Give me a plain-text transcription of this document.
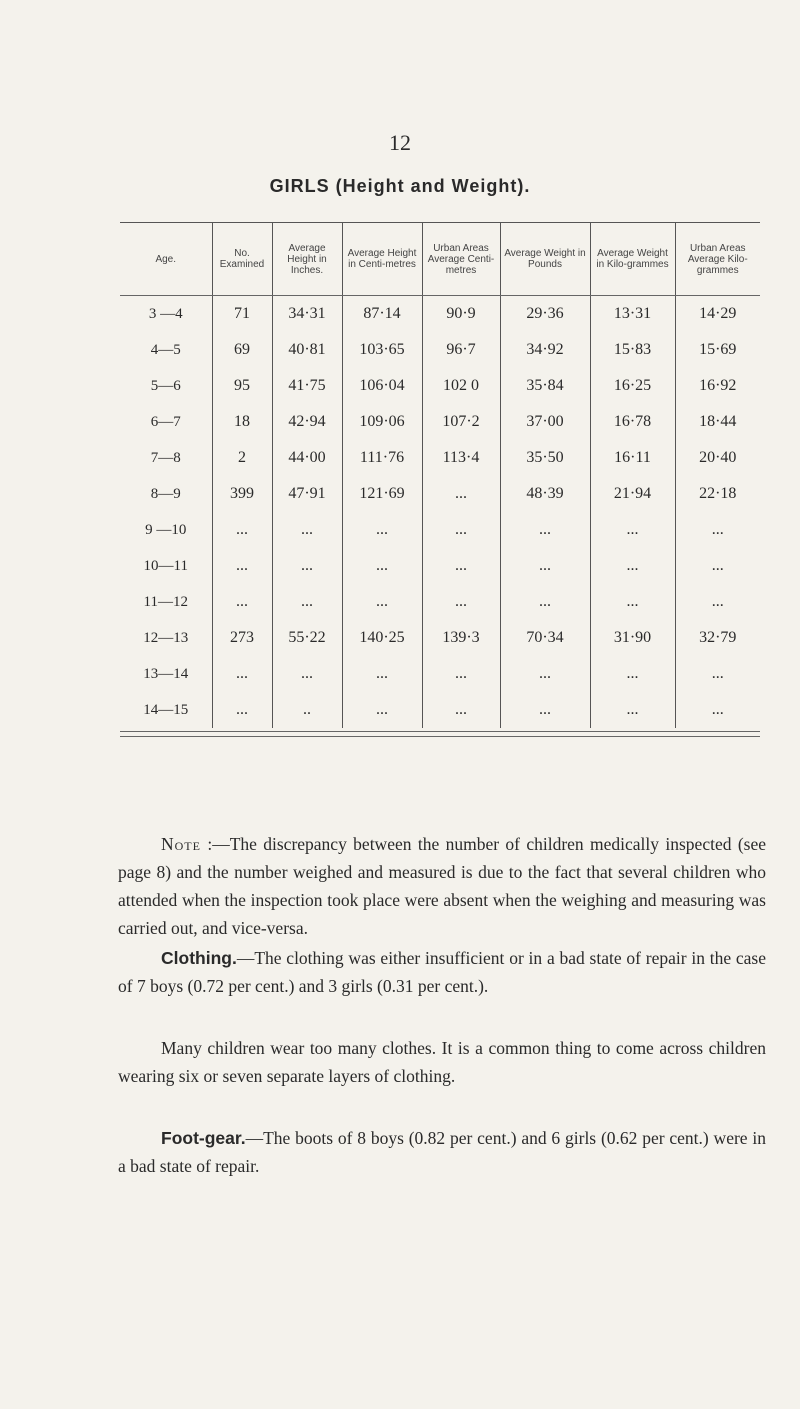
12
GIRLS (Height and Weight).
Age.	No. Examined	Average Height in Inches.	Average Height in Centi-metres	Urban Areas Average Centi-metres	Average Weight in Pounds	Average Weight in Kilo-grammes	Urban Areas Average Kilo-grammes
3 —4	71	34·31	87·14	90·9	29·36	13·31	14·29
4—5	69	40·81	103·65	96·7	34·92	15·83	15·69
5—6	95	41·75	106·04	102 0	35·84	16·25	16·92
6—7	18	42·94	109·06	107·2	37·00	16·78	18·44
7—8	2	44·00	111·76	113·4	35·50	16·11	20·40
8—9	399	47·91	121·69	...	48·39	21·94	22·18
9 —10	...	...	...	...	...	...	...
10—11	...	...	...	...	...	...	...
11—12	...	...	...	...	...	...	...
12—13	273	55·22	140·25	139·3	70·34	31·90	32·79
13—14	...	...	...	...	...	...	...
14—15	...	..	...	...	...	...	...
Note :—The discrepancy between the number of children medically inspected (see page 8) and the number weighed and measured is due to the fact that several children who attended when the inspection took place were absent when the weighing and measuring was carried out, and vice-versa.
Clothing.—The clothing was either insufficient or in a bad state of repair in the case of 7 boys (0.72 per cent.) and 3 girls (0.31 per cent.).
Many children wear too many clothes. It is a common thing to come across children wearing six or seven separate layers of clothing.
Foot-gear.—The boots of 8 boys (0.82 per cent.) and 6 girls (0.62 per cent.) were in a bad state of repair.
